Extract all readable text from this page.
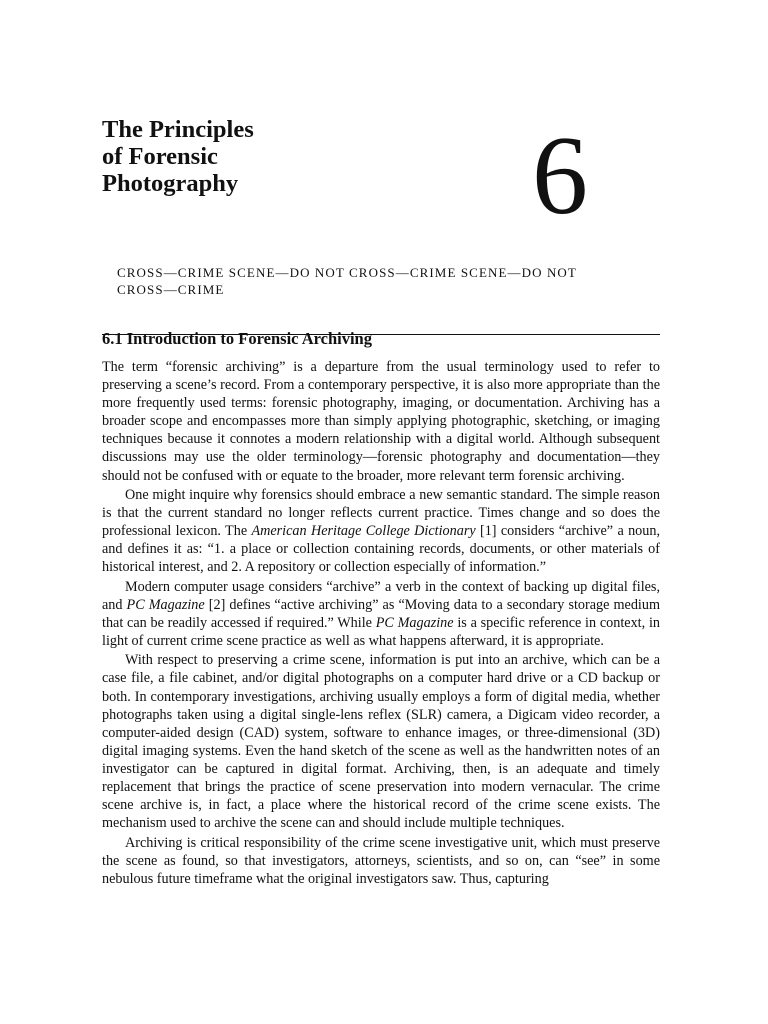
The Principles
of Forensic
Photography	6
CROSS—CRIME SCENE—DO NOT CROSS—CRIME SCENE—DO NOT
CROSS—CRIME
6.1 Introduction to Forensic Archiving

The term “forensic archiving” is a departure from the usual terminology used to refer to preserving a scene’s record. From a contemporary perspective, it is also more appropriate than the more frequently used terms: forensic photography, imaging, or documentation. Archiving has a broader scope and encompasses more than simply applying photographic, sketching, or imaging techniques because it connotes a modern relationship with a digital world. Although subsequent discussions may use the older terminology—forensic photography and documentation—they should not be confused with or equate to the broader, more relevant term forensic archiving.

One might inquire why forensics should embrace a new semantic standard. The simple reason is that the current standard no longer reflects current practice. Times change and so does the professional lexicon. The American Heritage College Dictionary [1] considers “archive” a noun, and defines it as: “1. a place or collection containing records, documents, or other materials of historical interest, and 2. A repository or collection especially of information.”

Modern computer usage considers “archive” a verb in the context of backing up digital files, and PC Magazine [2] defines “active archiving” as “Moving data to a secondary storage medium that can be readily accessed if required.” While PC Magazine is a specific reference in context, in light of current crime scene practice as well as what happens afterward, it is appropriate.

With respect to preserving a crime scene, information is put into an archive, which can be a case file, a file cabinet, and/or digital photographs on a computer hard drive or a CD backup or both. In contemporary investigations, archiving usually employs a form of digital media, whether photographs taken using a digital single-lens reflex (SLR) camera, a Digicam video recorder, a computer-aided design (CAD) system, software to enhance images, or three-dimensional (3D) digital imaging systems. Even the hand sketch of the scene as well as the handwritten notes of an investigator can be captured in digital format. Archiving, then, is an adequate and timely replacement that brings the practice of scene preservation into modern vernacular. The crime scene archive is, in fact, a place where the historical record of the crime scene exists. The mechanism used to archive the scene can and should include multiple techniques.

Archiving is critical responsibility of the crime scene investigative unit, which must preserve the scene as found, so that investigators, attorneys, scientists, and so on, can “see” in some nebulous future timeframe what the original investigators saw. Thus, capturing
